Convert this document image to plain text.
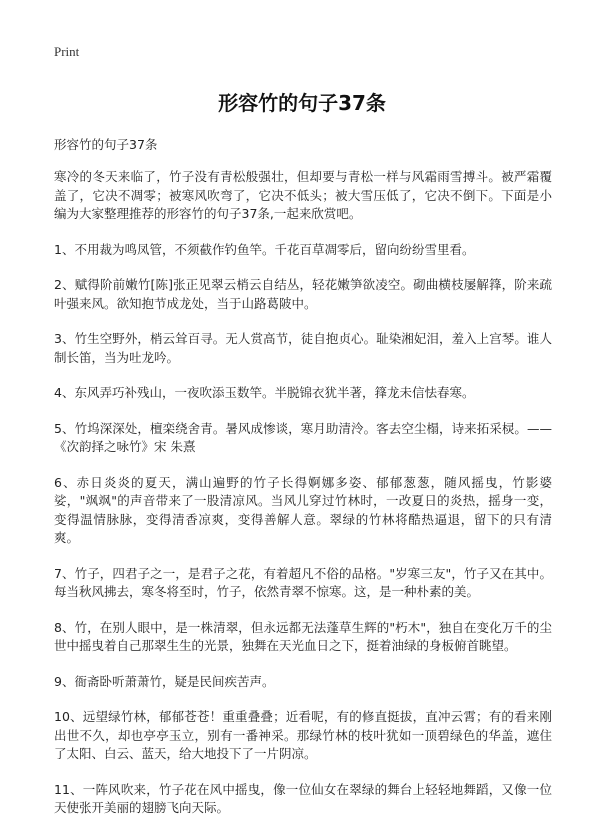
Print
形容竹的句子37条
形容竹的句子37条
寒冷的冬天来临了，竹子没有青松般强壮，但却要与青松一样与风霜雨雪搏斗。被严霜覆盖了，它决不凋零；被寒风吹弯了，它决不低头；被大雪压低了，它决不倒下。下面是小编为大家整理推荐的形容竹的句子37条,一起来欣赏吧。
1、不用裁为鸣凤管，不须截作钓鱼竿。千花百草凋零后，留向纷纷雪里看。
2、赋得阶前嫩竹[陈]张正见翠云梢云自结丛，轻花嫩笋欲凌空。砌曲横枝屡解箨，阶来疏叶强来风。欲知抱节成龙处，当于山路葛陂中。
3、竹生空野外，梢云耸百寻。无人赏高节，徒自抱贞心。耻染湘妃泪，羞入上宫琴。谁人制长笛，当为吐龙吟。
4、东风弄巧补残山，一夜吹添玉数竿。半脱锦衣犹半著，箨龙未信怯春寒。
5、竹坞深深处，檀栾绕舍青。暑风成惨谈，寒月助清泠。客去空尘榻，诗来拓采棂。——《次韵择之咏竹》宋 朱熹
6、赤日炎炎的夏天，满山遍野的竹子长得婀娜多姿、郁郁葱葱，随风摇曳，竹影婆娑，"飒飒"的声音带来了一股清凉风。当风儿穿过竹林时，一改夏日的炎热，摇身一变，变得温情脉脉，变得清香凉爽，变得善解人意。翠绿的竹林将酷热逼退，留下的只有清爽。
7、竹子，四君子之一，是君子之花，有着超凡不俗的品格。"岁寒三友"，竹子又在其中。每当秋风拂去，寒冬将至时，竹子，依然青翠不惊寒。这，是一种朴素的美。
8、竹，在别人眼中，是一株清翠，但永远都无法蓬草生辉的"朽木"，独自在变化万千的尘世中摇曳着自己那翠生生的光景，独舞在天光血日之下，挺着油绿的身板俯首眺望。
9、衙斋卧听萧萧竹，疑是民间疾苦声。
10、远望绿竹林，郁郁苍苍！重重叠叠；近看呢，有的修直挺拔，直冲云霄；有的看来刚出世不久，却也亭亭玉立，别有一番神采。那绿竹林的枝叶犹如一顶碧绿色的华盖，遮住了太阳、白云、蓝天，给大地投下了一片阴凉。
11、一阵风吹来，竹子花在风中摇曳，像一位仙女在翠绿的舞台上轻轻地舞蹈，又像一位天使张开美丽的翅膀飞向天际。
